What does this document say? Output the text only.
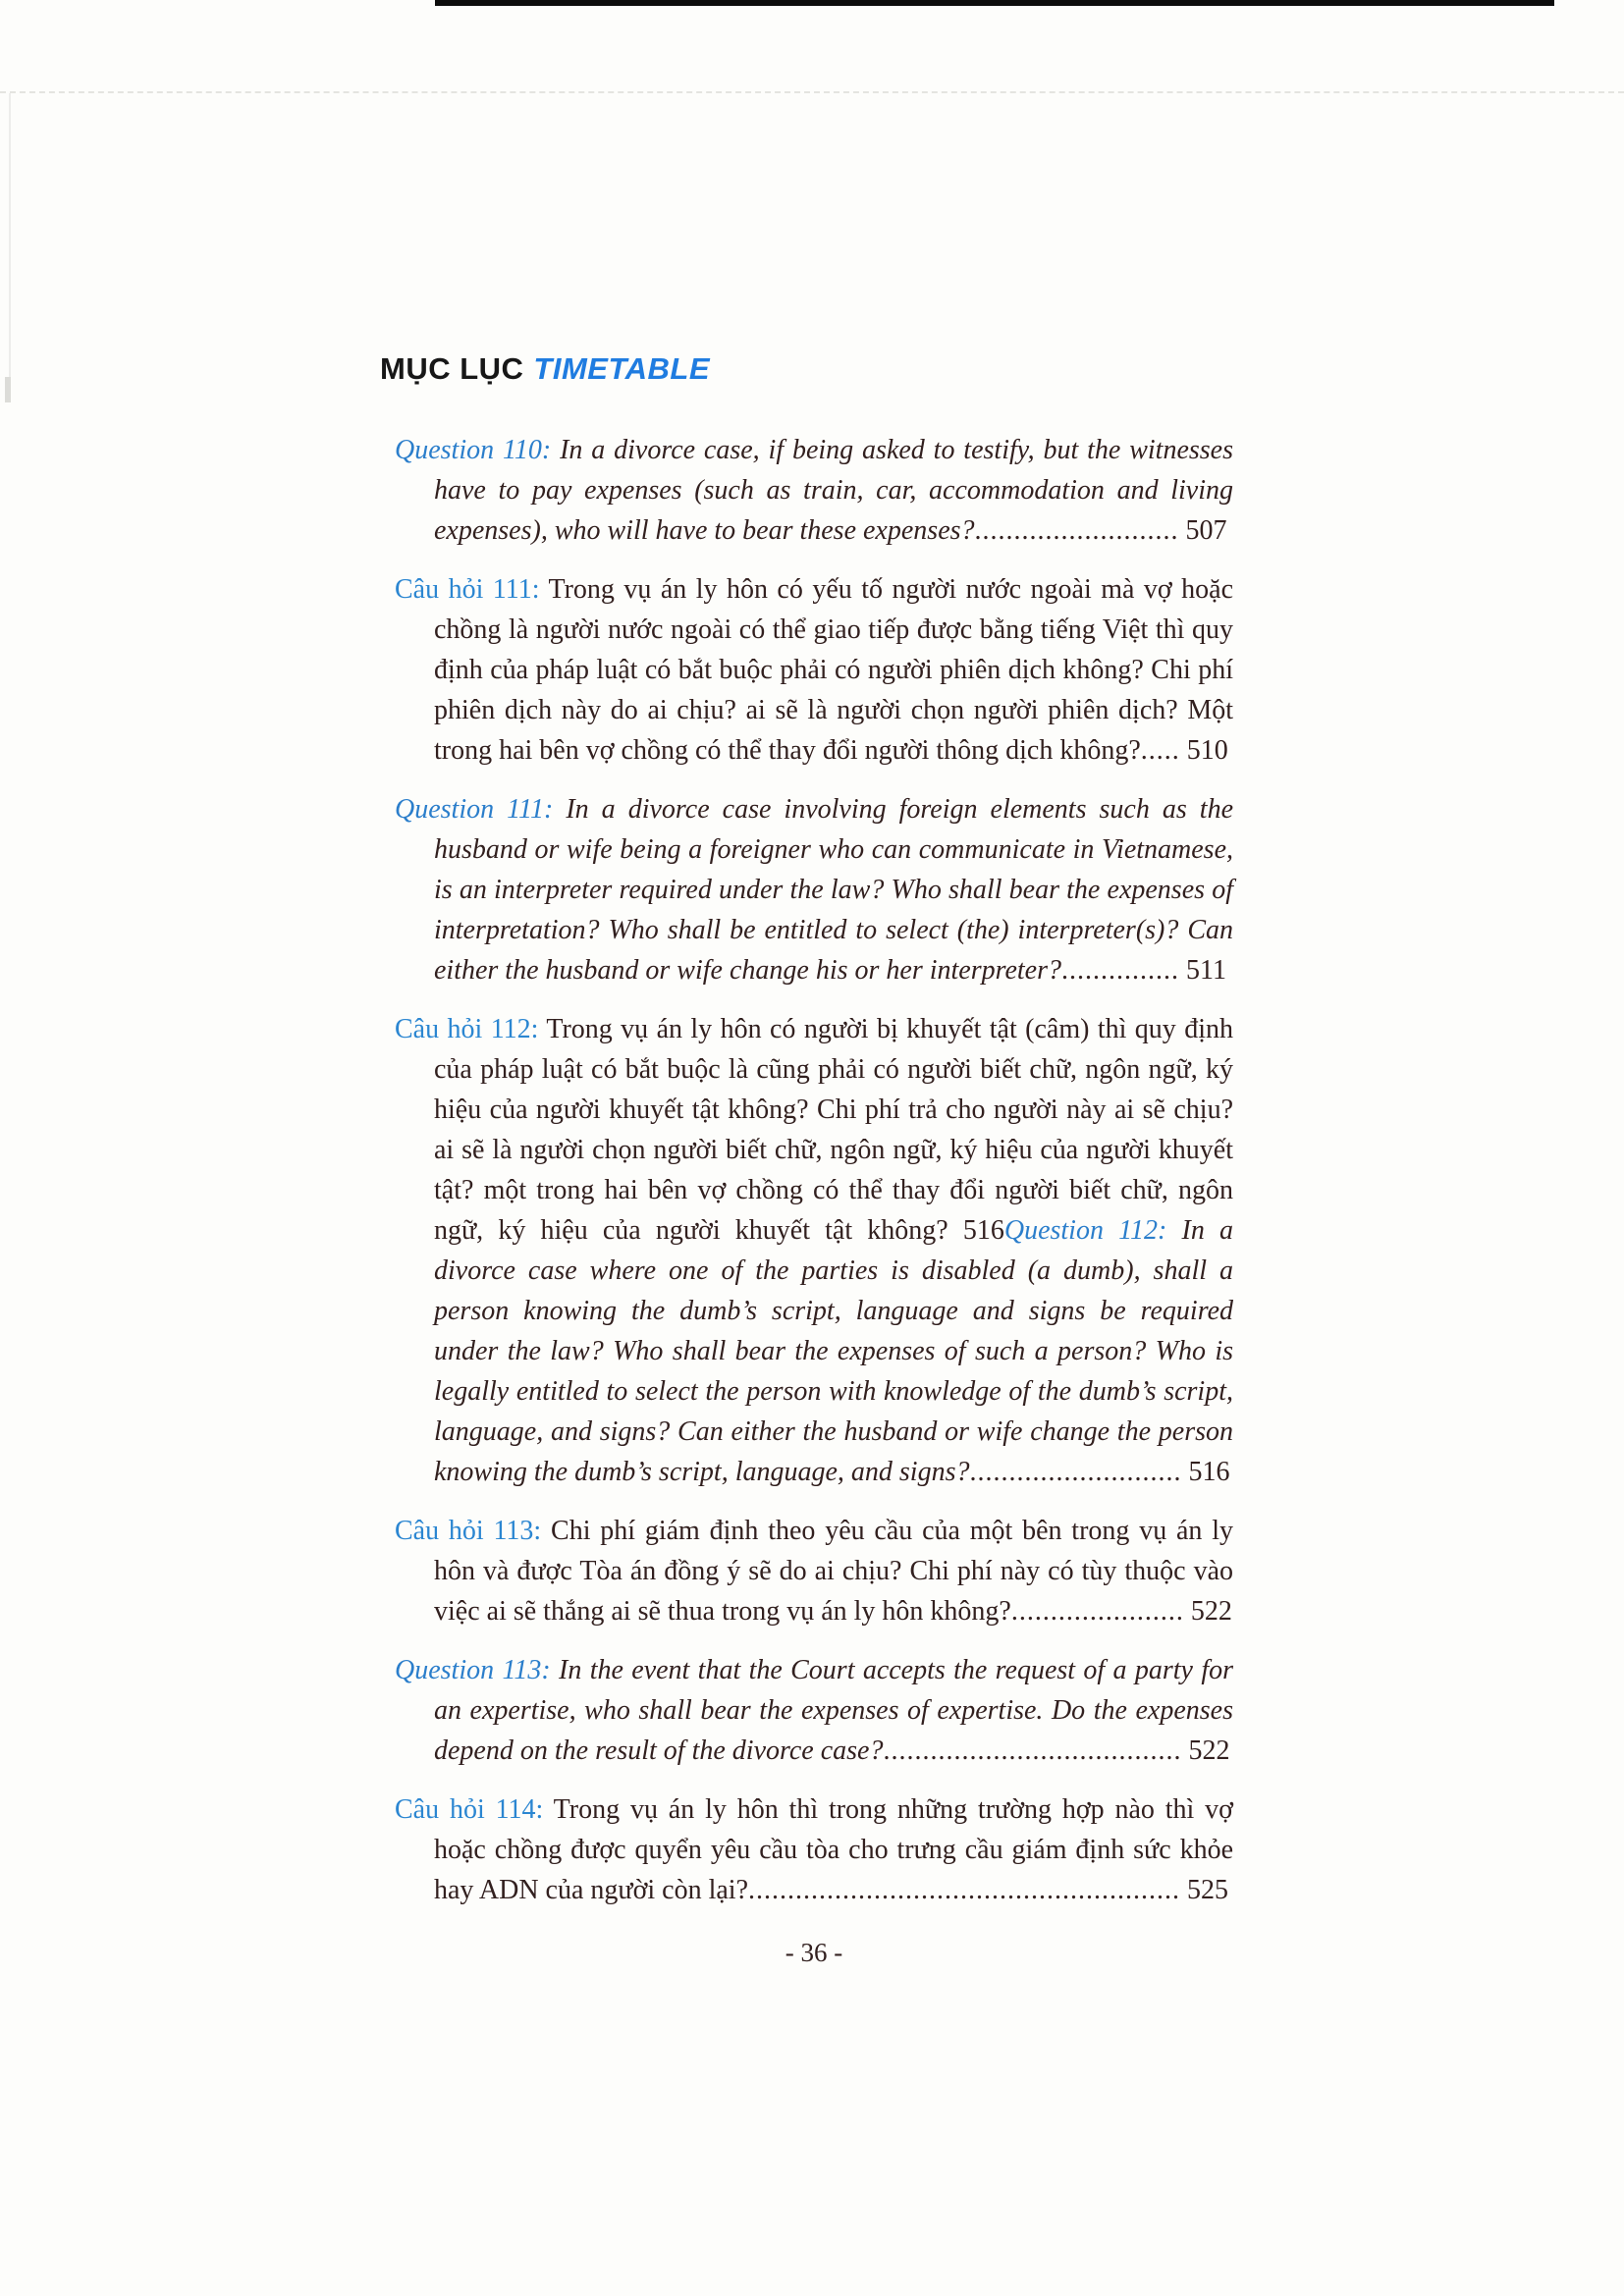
MỤC LỤC TIMETABLE

Question 110: In a divorce case, if being asked to testify, but the witnesses have to pay expenses (such as train, car, accommodation and living expenses), who will have to bear these expenses?.......................... 507

Câu hỏi 111: Trong vụ án ly hôn có yếu tố người nước ngoài mà vợ hoặc chồng là người nước ngoài có thể giao tiếp được bằng tiếng Việt thì quy định của pháp luật có bắt buộc phải có người phiên dịch không? Chi phí phiên dịch này do ai chịu? ai sẽ là người chọn người phiên dịch? Một trong hai bên vợ chồng có thể thay đổi người thông dịch không?..... 510

Question 111: In a divorce case involving foreign elements such as the husband or wife being a foreigner who can communicate in Vietnamese, is an interpreter required under the law? Who shall bear the expenses of interpretation? Who shall be entitled to select (the) interpreter(s)? Can either the husband or wife change his or her interpreter?............... 511

Câu hỏi 112: Trong vụ án ly hôn có người bị khuyết tật (câm) thì quy định của pháp luật có bắt buộc là cũng phải có người biết chữ, ngôn ngữ, ký hiệu của người khuyết tật không? Chi phí trả cho người này ai sẽ chịu? ai sẽ là người chọn người biết chữ, ngôn ngữ, ký hiệu của người khuyết tật? một trong hai bên vợ chồng có thể thay đổi người biết chữ, ngôn ngữ, ký hiệu của người khuyết tật không? 516Question 112: In a divorce case where one of the parties is disabled (a dumb), shall a person knowing the dumb’s script, language and signs be required under the law? Who shall bear the expenses of such a person? Who is legally entitled to select the person with knowledge of the dumb’s script, language, and signs? Can either the husband or wife change the person knowing the dumb’s script, language, and signs?........................... 516

Câu hỏi 113: Chi phí giám định theo yêu cầu của một bên trong vụ án ly hôn và được Tòa án đồng ý sẽ do ai chịu? Chi phí này có tùy thuộc vào việc ai sẽ thắng ai sẽ thua trong vụ án ly hôn không?...................... 522

Question 113: In the event that the Court accepts the request of a party for an expertise, who shall bear the expenses of expertise. Do the expenses depend on the result of the divorce case?...................................... 522

Câu hỏi 114: Trong vụ án ly hôn thì trong những trường hợp nào thì vợ hoặc chồng được quyển yêu cầu tòa cho trưng cầu giám định sức khỏe hay ADN của người còn lại?....................................................... 525

- 36 -
